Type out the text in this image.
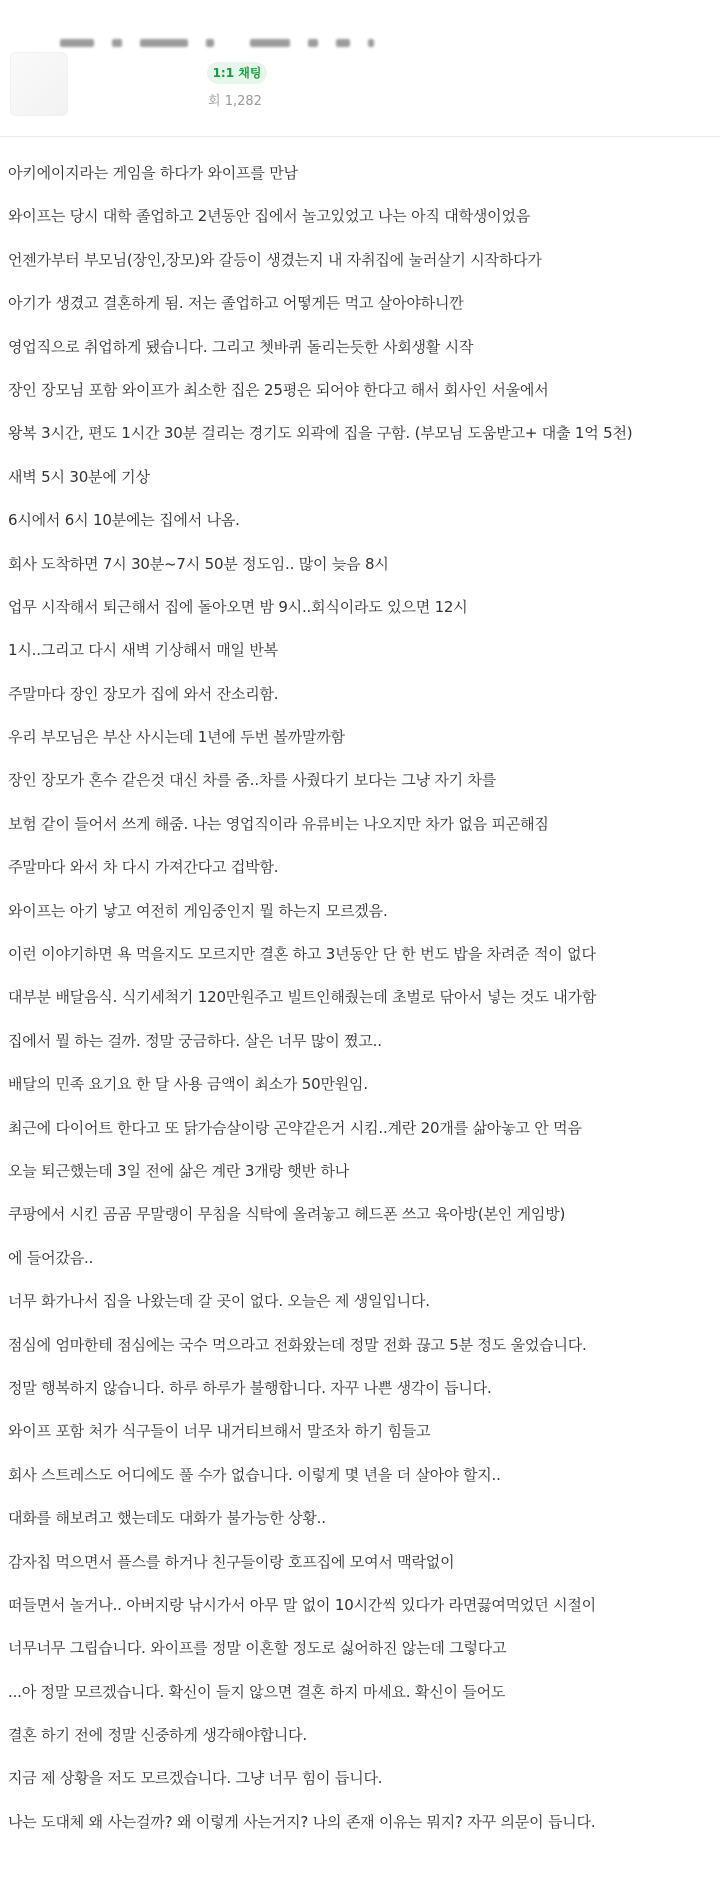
1:1 채팅
회 1,282
아키에이지라는 게임을 하다가 와이프를 만남
와이프는 당시 대학 졸업하고 2년동안 집에서 놀고있었고 나는 아직 대학생이었음
언젠가부터 부모님(장인,장모)와 갈등이 생겼는지 내 자취집에 눌러살기 시작하다가
아기가 생겼고 결혼하게 됨. 저는 졸업하고 어떻게든 먹고 살아야하니깐
영업직으로 취업하게 됐습니다. 그리고 쳇바퀴 돌리는듯한 사회생활 시작
장인 장모님 포함 와이프가 최소한 집은 25평은 되어야 한다고 해서 회사인 서울에서
왕복 3시간, 편도 1시간 30분 걸리는 경기도 외곽에 집을 구함. (부모님 도움받고+ 대출 1억 5천)
새벽 5시 30분에 기상
6시에서 6시 10분에는 집에서 나옴.
회사 도착하면 7시 30분~7시 50분 정도임.. 많이 늦음 8시
업무 시작해서 퇴근해서 집에 돌아오면 밤 9시..회식이라도 있으면 12시
1시..그리고 다시 새벽 기상해서 매일 반복
주말마다 장인 장모가 집에 와서 잔소리함.
우리 부모님은 부산 사시는데 1년에 두번 볼까말까함
장인 장모가 혼수 같은것 대신 차를 줌..차를 사줬다기 보다는 그냥 자기 차를
보험 같이 들어서 쓰게 해줌. 나는 영업직이라 유류비는 나오지만 차가 없음 피곤해짐
주말마다 와서 차 다시 가져간다고 겁박함.
와이프는 아기 낳고 여전히 게임중인지 뭘 하는지 모르겠음.
이런 이야기하면 욕 먹을지도 모르지만 결혼 하고 3년동안 단 한 번도 밥을 차려준 적이 없다
대부분 배달음식. 식기세척기 120만원주고 빌트인해줬는데 초벌로 닦아서 넣는 것도 내가함
집에서 뭘 하는 걸까. 정말 궁금하다. 살은 너무 많이 쪘고..
배달의 민족 요기요 한 달 사용 금액이 최소가 50만원임.
최근에 다이어트 한다고 또 닭가슴살이랑 곤약같은거 시킴..계란 20개를 삶아놓고 안 먹음
오늘 퇴근했는데 3일 전에 삶은 계란 3개랑 햇반 하나
쿠팡에서 시킨 곰곰 무말랭이 무침을 식탁에 올려놓고 헤드폰 쓰고 육아방(본인 게임방)
에 들어갔음..
너무 화가나서 집을 나왔는데 갈 곳이 없다. 오늘은 제 생일입니다.
점심에 엄마한테 점심에는 국수 먹으라고 전화왔는데 정말 전화 끊고 5분 정도 울었습니다.
정말 행복하지 않습니다. 하루 하루가 불행합니다. 자꾸 나쁜 생각이 듭니다.
와이프 포함 처가 식구들이 너무 내거티브해서 말조차 하기 힘들고
회사 스트레스도 어디에도 풀 수가 없습니다. 이렇게 몇 년을 더 살아야 할지..
대화를 해보려고 했는데도 대화가 불가능한 상황..
감자칩 먹으면서 플스를 하거나 친구들이랑 호프집에 모여서 맥락없이
떠들면서 놀거나.. 아버지랑 낚시가서 아무 말 없이 10시간씩 있다가 라면끓여먹었던 시절이
너무너무 그립습니다. 와이프를 정말 이혼할 정도로 싫어하진 않는데 그렇다고
...아 정말 모르겠습니다. 확신이 들지 않으면 결혼 하지 마세요. 확신이 들어도
결혼 하기 전에 정말 신중하게 생각해야합니다.
지금 제 상황을 저도 모르겠습니다. 그냥 너무 힘이 듭니다.
나는 도대체 왜 사는걸까? 왜 이렇게 사는거지? 나의 존재 이유는 뭐지? 자꾸 의문이 듭니다.
